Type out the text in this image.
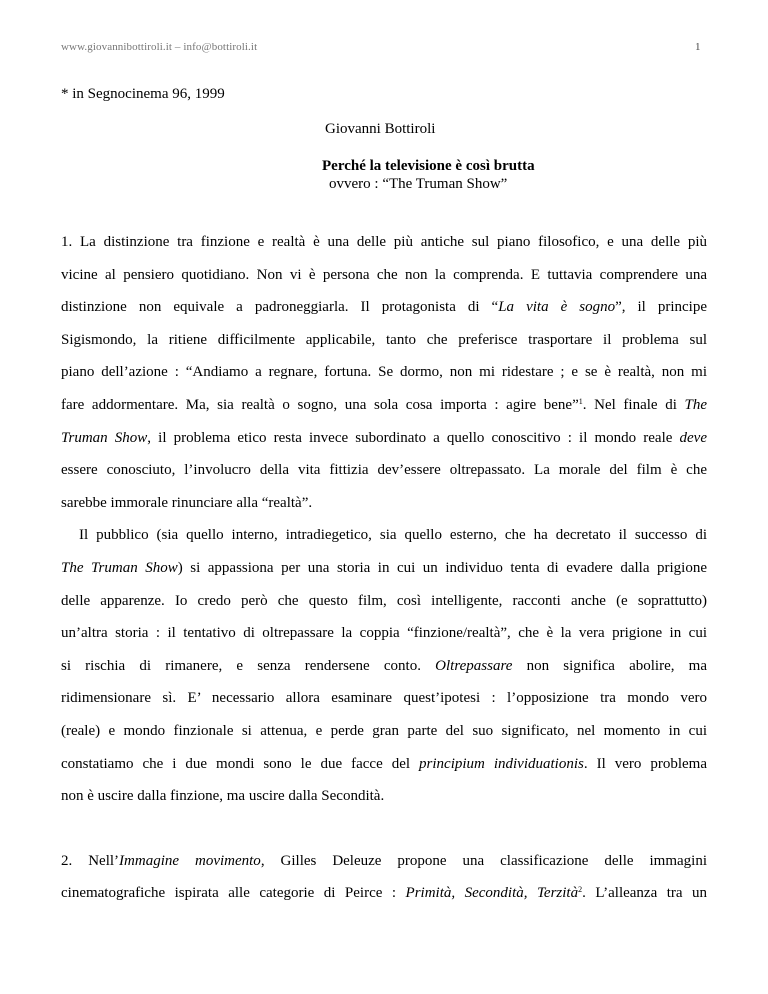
www.giovannibottiroli.it – info@bottiroli.it	1
* in Segnocinema 96, 1999
Giovanni Bottiroli
Perché la televisione è così brutta
ovvero : “The Truman Show”
1. La distinzione tra finzione e realtà è una delle più antiche sul piano filosofico, e una delle più
vicine al pensiero quotidiano. Non vi è persona che non la comprenda. E tuttavia comprendere una
distinzione non equivale a padroneggiarla. Il protagonista di “La vita è sogno”, il principe
Sigismondo, la ritiene difficilmente applicabile, tanto che preferisce trasportare il problema sul
piano dell’azione : “Andiamo a regnare, fortuna. Se dormo, non mi ridestare ; e se è realtà, non mi
fare addormentare. Ma, sia realtà o sogno, una sola cosa importa : agire bene”$^1$. Nel finale di The
Truman Show, il problema etico resta invece subordinato a quello conoscitivo : il mondo reale deve
essere conosciuto, l’involucro della vita fittizia dev’essere oltrepassato. La morale del film è che
sarebbe immorale rinunciare alla “realtà”.
Il pubblico (sia quello interno, intradiegetico, sia quello esterno, che ha decretato il successo di
The Truman Show) si appassiona per una storia in cui un individuo tenta di evadere dalla prigione
delle apparenze. Io credo però che questo film, così intelligente, racconti anche (e soprattutto)
un’altra storia : il tentativo di oltrepassare la coppia “finzione/realtà”, che è la vera prigione in cui
si rischia di rimanere, e senza rendersene conto. Oltrepassare non significa abolire, ma
ridimensionare sì. E’ necessario allora esaminare quest’ipotesi : l’opposizione tra mondo vero
(reale) e mondo finzionale si attenua, e perde gran parte del suo significato, nel momento in cui
constatiamo che i due mondi sono le due facce del principium individuationis. Il vero problema
non è uscire dalla finzione, ma uscire dalla Secondità.
2. Nell’Immagine movimento, Gilles Deleuze propone una classificazione delle immagini
cinematografiche ispirata alle categorie di Peirce : Primità, Secondità, Terzità$^2$. L’alleanza tra un
